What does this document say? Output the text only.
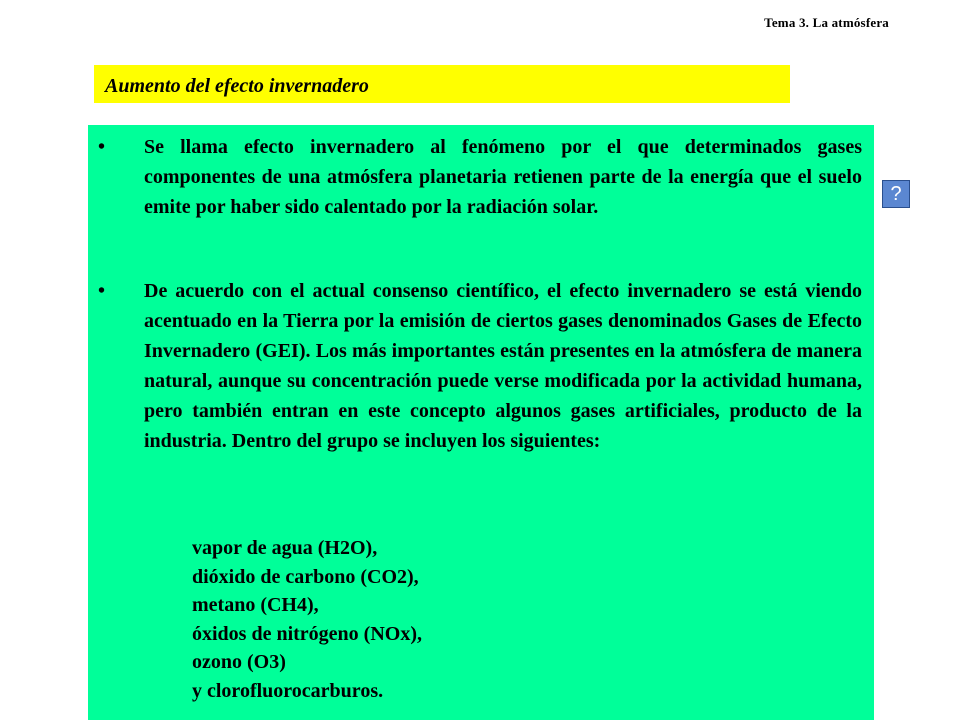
Tema 3. La atmósfera
Aumento del efecto invernadero
• Se llama efecto invernadero al fenómeno por el que determinados gases componentes de una atmósfera planetaria retienen parte de la energía que el suelo emite por haber sido calentado por la radiación solar.

• De acuerdo con el actual consenso científico, el efecto invernadero se está viendo acentuado en la Tierra por la emisión de ciertos gases denominados Gases de Efecto Invernadero (GEI). Los más importantes están presentes en la atmósfera de manera natural, aunque su concentración puede verse modificada por la actividad humana, pero también entran en este concepto algunos gases artificiales, producto de la industria. Dentro del grupo se incluyen los siguientes:

vapor de agua (H2O),
dióxido de carbono (CO2),
metano (CH4),
óxidos de nitrógeno (NOx),
ozono (O3)
y clorofluorocarburos.
?
